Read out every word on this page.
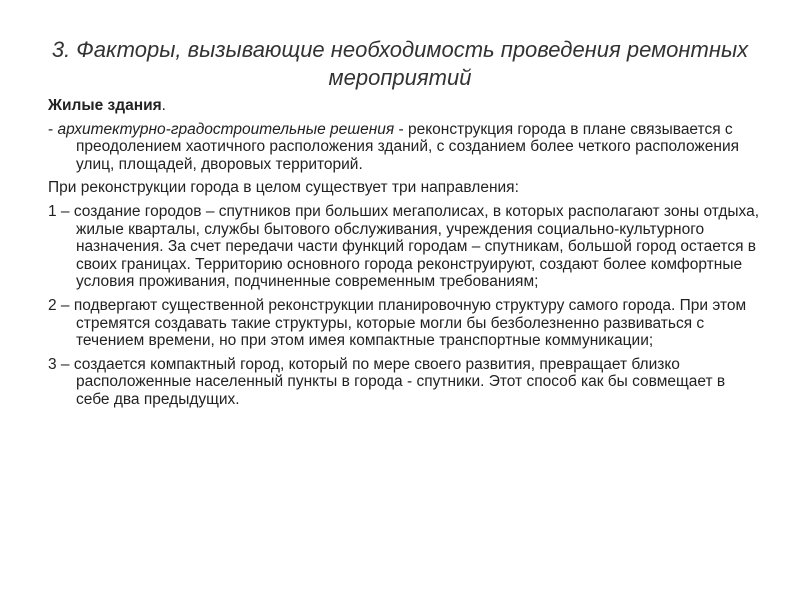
3. Факторы, вызывающие необходимость проведения ремонтных мероприятий

Жилые здания.

- архитектурно-градостроительные решения - реконструкция города в плане связывается с преодолением хаотичного расположения зданий, с созданием более четкого расположения улиц, площадей, дворовых территорий.

При реконструкции города в целом существует три направления:

1 – создание городов – спутников при больших мегаполисах, в которых располагают зоны отдыха, жилые кварталы, службы бытового обслуживания, учреждения социально-культурного назначения. За счет передачи части функций городам – спутникам, большой город остается в своих границах. Территорию основного города реконструируют, создают более комфортные условия проживания, подчиненные современным требованиям;

2 – подвергают существенной реконструкции планировочную структуру самого города. При этом стремятся создавать такие структуры, которые могли бы безболезненно развиваться с течением времени, но при этом имея компактные транспортные коммуникации;

3 – создается компактный город, который по мере своего развития, превращает близко расположенные населенный пункты в города - спутники. Этот способ как бы совмещает в себе два предыдущих.
